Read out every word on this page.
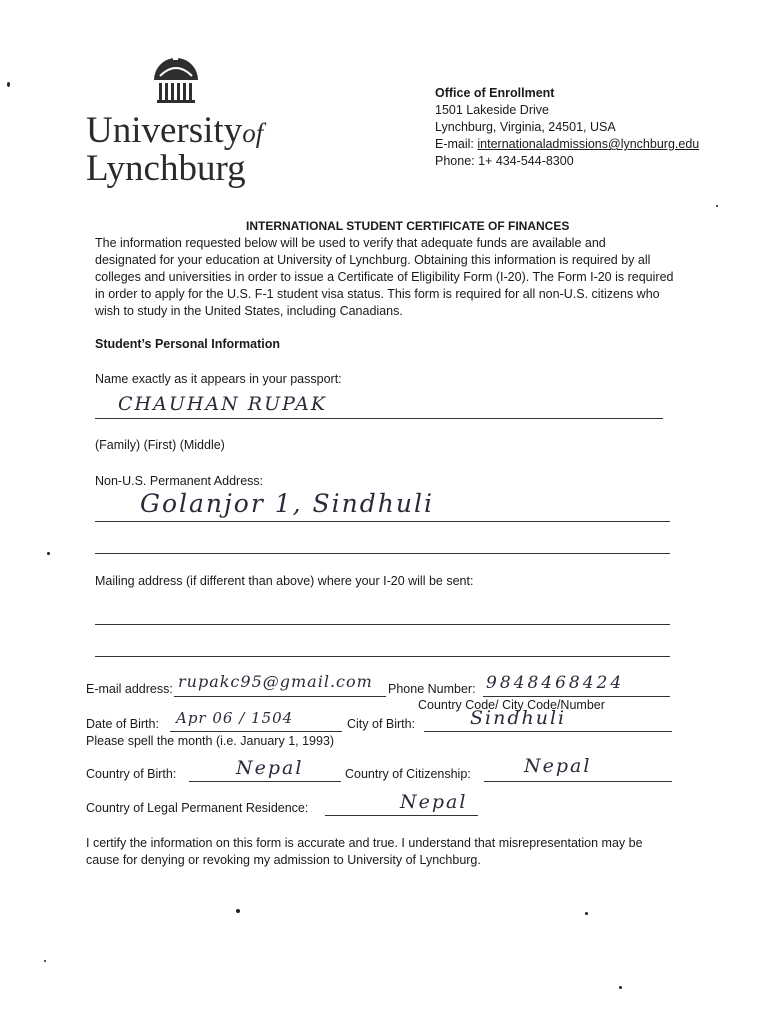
Universityof
Lynchburg
Office of Enrollment
1501 Lakeside Drive
Lynchburg, Virginia, 24501, USA
E-mail: internationaladmissions@lynchburg.edu
Phone: 1+ 434-544-8300
INTERNATIONAL STUDENT CERTIFICATE OF FINANCES
The information requested below will be used to verify that adequate funds are available and
designated for your education at University of Lynchburg. Obtaining this information is required by all
colleges and universities in order to issue a Certificate of Eligibility Form (I-20). The Form I-20 is required
in order to apply for the U.S. F-1 student visa status. This form is required for all non-U.S. citizens who
wish to study in the United States, including Canadians.
Student’s Personal Information
Name exactly as it appears in your passport:
CHAUHAN RUPAK
(Family) (First) (Middle)
Non-U.S. Permanent Address:
Golanjor 1, Sindhuli
Mailing address (if different than above) where your I-20 will be sent:
E-mail address: rupakc95@gmail.com Phone Number: 9848468424
Country Code/ City Code/Number
Date of Birth: Apr 06 / 1504	City of Birth:	Sindhuli
Please spell the month (i.e. January 1, 1993)
Country of Birth:	Nepal	Country of Citizenship:	Nepal
Country of Legal Permanent Residence:	Nepal
I certify the information on this form is accurate and true. I understand that misrepresentation may be
cause for denying or revoking my admission to University of Lynchburg.
